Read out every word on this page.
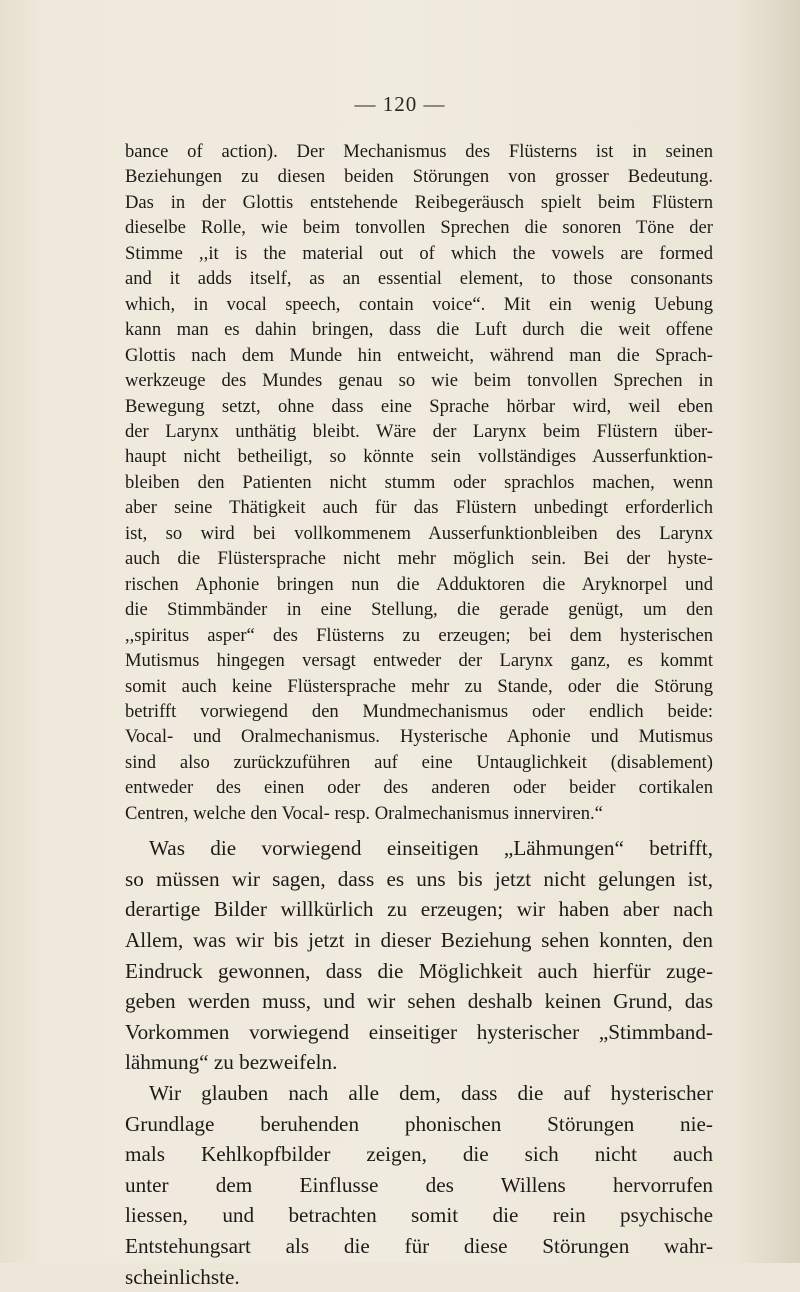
— 120 —

bance of action). Der Mechanismus des Flüsterns ist in seinen
Beziehungen zu diesen beiden Störungen von grosser Bedeutung.
Das in der Glottis entstehende Reibegeräusch spielt beim Flüstern
dieselbe Rolle, wie beim tonvollen Sprechen die sonoren Töne der
Stimme ,,it is the material out of which the vowels are formed
and it adds itself, as an essential element, to those consonants
which, in vocal speech, contain voice“. Mit ein wenig Uebung
kann man es dahin bringen, dass die Luft durch die weit offene
Glottis nach dem Munde hin entweicht, während man die Sprach-
werkzeuge des Mundes genau so wie beim tonvollen Sprechen in
Bewegung setzt, ohne dass eine Sprache hörbar wird, weil eben
der Larynx unthätig bleibt. Wäre der Larynx beim Flüstern über-
haupt nicht betheiligt, so könnte sein vollständiges Ausserfunktion-
bleiben den Patienten nicht stumm oder sprachlos machen, wenn
aber seine Thätigkeit auch für das Flüstern unbedingt erforderlich
ist, so wird bei vollkommenem Ausserfunktionbleiben des Larynx
auch die Flüstersprache nicht mehr möglich sein. Bei der hyste-
rischen Aphonie bringen nun die Adduktoren die Aryknorpel und
die Stimmbänder in eine Stellung, die gerade genügt, um den
,,spiritus asper“ des Flüsterns zu erzeugen; bei dem hysterischen
Mutismus hingegen versagt entweder der Larynx ganz, es kommt
somit auch keine Flüstersprache mehr zu Stande, oder die Störung
betrifft vorwiegend den Mundmechanismus oder endlich beide:
Vocal- und Oralmechanismus. Hysterische Aphonie und Mutismus
sind also zurückzuführen auf eine Untauglichkeit (disablement)
entweder des einen oder des anderen oder beider cortikalen
Centren, welche den Vocal- resp. Oralmechanismus innerviren.“

Was die vorwiegend einseitigen „Lähmungen“ betrifft,
so müssen wir sagen, dass es uns bis jetzt nicht gelungen ist,
derartige Bilder willkürlich zu erzeugen; wir haben aber nach
Allem, was wir bis jetzt in dieser Beziehung sehen konnten, den
Eindruck gewonnen, dass die Möglichkeit auch hierfür zuge-
geben werden muss, und wir sehen deshalb keinen Grund, das
Vorkommen vorwiegend einseitiger hysterischer „Stimmband-
lähmung“ zu bezweifeln.

Wir glauben nach alle dem, dass die auf hysterischer
Grundlage beruhenden phonischen Störungen nie-
mals Kehlkopfbilder zeigen, die sich nicht auch
unter dem Einflusse des Willens hervorrufen
liessen, und betrachten somit die rein psychische
Entstehungsart als die für diese Störungen wahr-
scheinlichste.
